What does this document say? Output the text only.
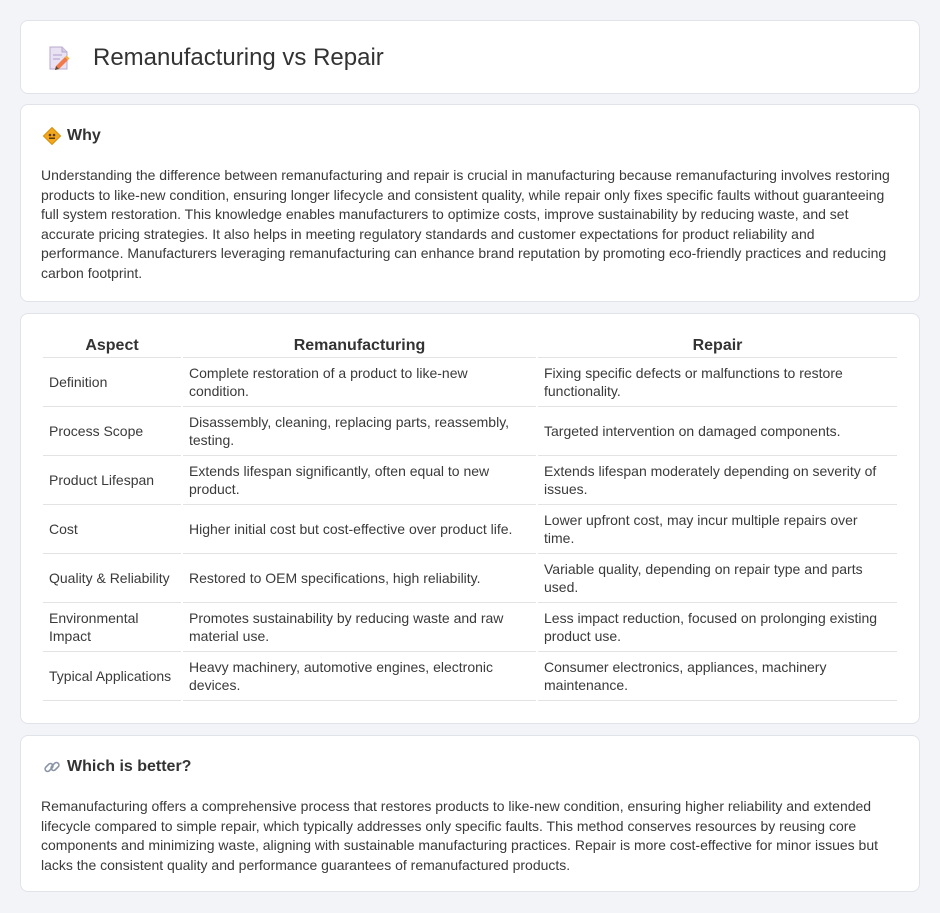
Remanufacturing vs Repair
Why

Understanding the difference between remanufacturing and repair is crucial in manufacturing because remanufacturing involves restoring products to like-new condition, ensuring longer lifecycle and consistent quality, while repair only fixes specific faults without guaranteeing full system restoration. This knowledge enables manufacturers to optimize costs, improve sustainability by reducing waste, and set accurate pricing strategies. It also helps in meeting regulatory standards and customer expectations for product reliability and performance. Manufacturers leveraging remanufacturing can enhance brand reputation by promoting eco-friendly practices and reducing carbon footprint.

Aspect	Remanufacturing	Repair
Definition	Complete restoration of a product to like-new condition.	Fixing specific defects or malfunctions to restore functionality.
Process Scope	Disassembly, cleaning, replacing parts, reassembly, testing.	Targeted intervention on damaged components.
Product Lifespan	Extends lifespan significantly, often equal to new product.	Extends lifespan moderately depending on severity of issues.
Cost	Higher initial cost but cost-effective over product life.	Lower upfront cost, may incur multiple repairs over time.
Quality & Reliability	Restored to OEM specifications, high reliability.	Variable quality, depending on repair type and parts used.
Environmental Impact	Promotes sustainability by reducing waste and raw material use.	Less impact reduction, focused on prolonging existing product use.
Typical Applications	Heavy machinery, automotive engines, electronic devices.	Consumer electronics, appliances, machinery maintenance.
Which is better?

Remanufacturing offers a comprehensive process that restores products to like-new condition, ensuring higher reliability and extended lifecycle compared to simple repair, which typically addresses only specific faults. This method conserves resources by reusing core components and minimizing waste, aligning with sustainable manufacturing practices. Repair is more cost-effective for minor issues but lacks the consistent quality and performance guarantees of remanufactured products.
